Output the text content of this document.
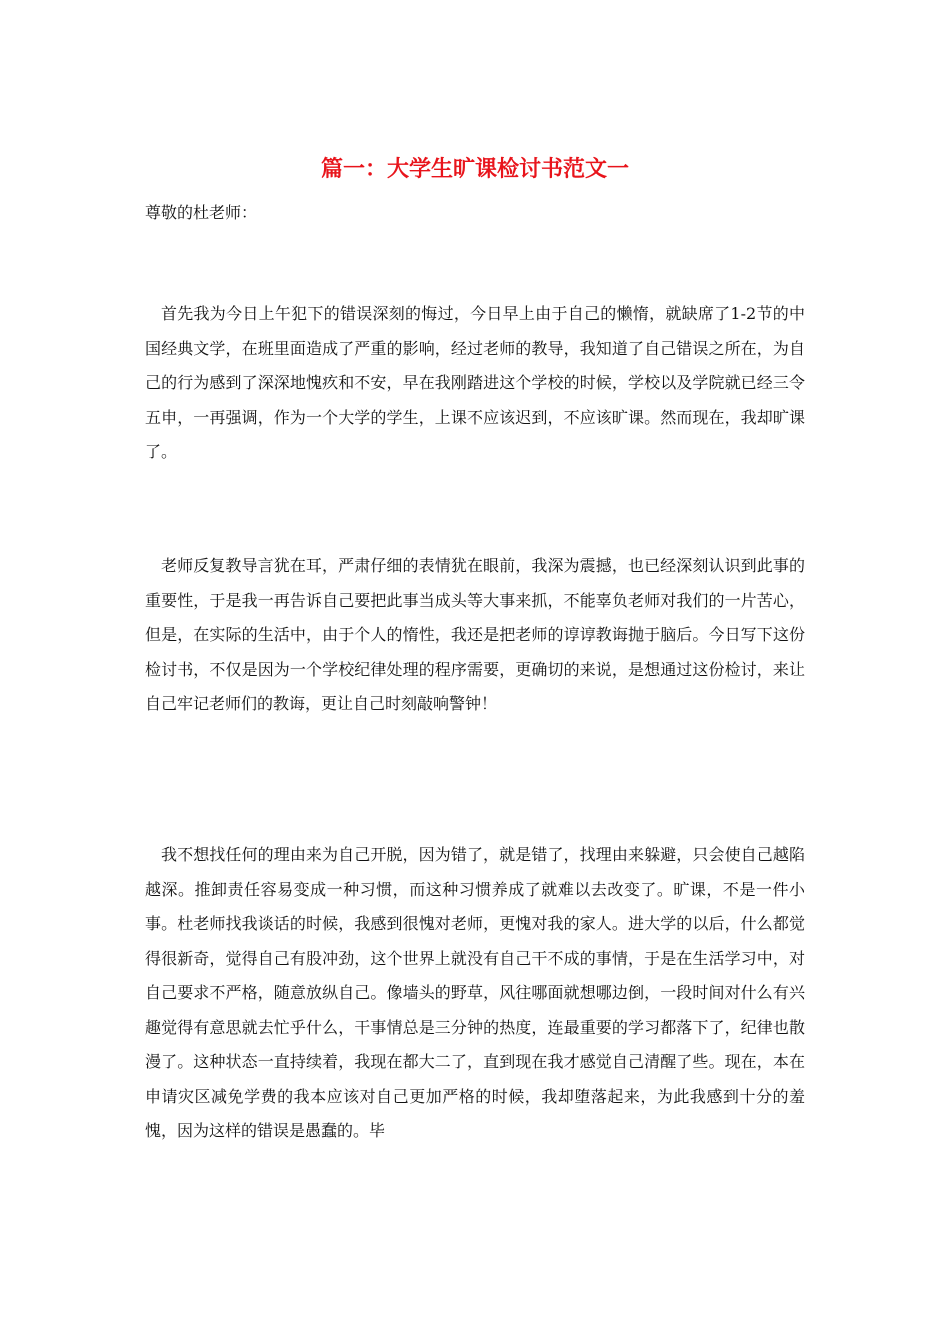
篇一：大学生旷课检讨书范文一

尊敬的杜老师：

首先我为今日上午犯下的错误深刻的悔过，今日早上由于自己的懒惰，就缺席了1-2节的中国经典文学，在班里面造成了严重的影响，经过老师的教导，我知道了自己错误之所在，为自己的行为感到了深深地愧疚和不安，早在我刚踏进这个学校的时候，学校以及学院就已经三令五申，一再强调，作为一个大学的学生，上课不应该迟到，不应该旷课。然而现在，我却旷课了。

老师反复教导言犹在耳，严肃仔细的表情犹在眼前，我深为震撼，也已经深刻认识到此事的重要性，于是我一再告诉自己要把此事当成头等大事来抓，不能辜负老师对我们的一片苦心，但是，在实际的生活中，由于个人的惰性，我还是把老师的谆谆教诲抛于脑后。今日写下这份检讨书，不仅是因为一个学校纪律处理的程序需要，更确切的来说，是想通过这份检讨，来让自己牢记老师们的教诲，更让自己时刻敲响警钟！

我不想找任何的理由来为自己开脱，因为错了，就是错了，找理由来躲避，只会使自己越陷越深。推卸责任容易变成一种习惯，而这种习惯养成了就难以去改变了。旷课，不是一件小事。杜老师找我谈话的时候，我感到很愧对老师，更愧对我的家人。进大学的以后，什么都觉得很新奇，觉得自己有股冲劲，这个世界上就没有自己干不成的事情，于是在生活学习中，对自己要求不严格，随意放纵自己。像墙头的野草，风往哪面就想哪边倒，一段时间对什么有兴趣觉得有意思就去忙乎什么，干事情总是三分钟的热度，连最重要的学习都落下了，纪律也散漫了。这种状态一直持续着，我现在都大二了，直到现在我才感觉自己清醒了些。现在，本在申请灾区减免学费的我本应该对自己更加严格的时候，我却堕落起来，为此我感到十分的羞愧，因为这样的错误是愚蠢的。毕
